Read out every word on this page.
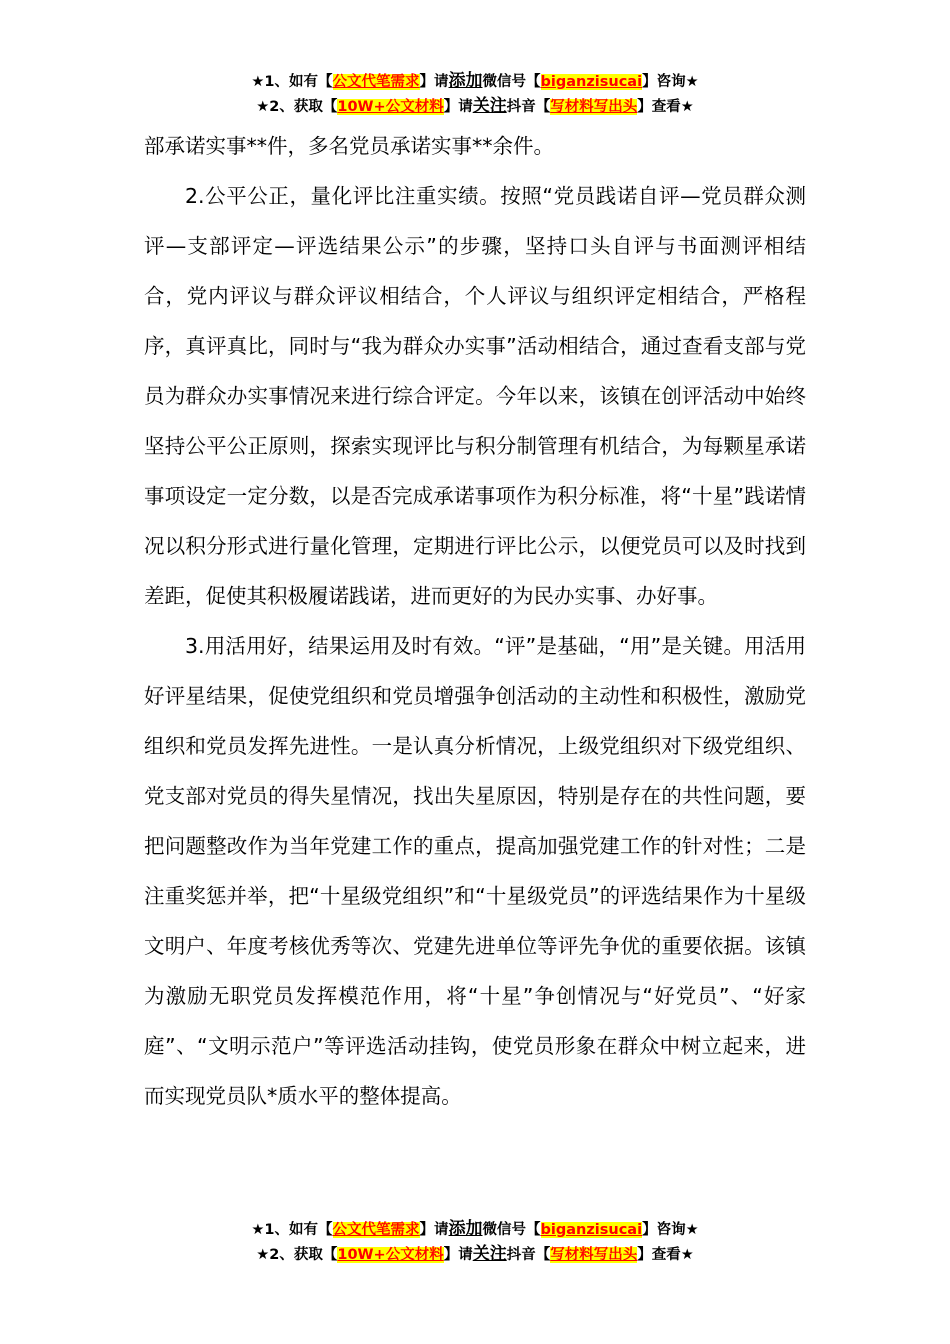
★1、如有【公文代笔需求】请添加微信号【biganzisucai】咨询★
★2、获取【10W+公文材料】请关注抖音【写材料写出头】查看★

部承诺实事**件，多名党员承诺实事**余件。

2.公平公正，量化评比注重实绩。按照“党员践诺自评—党员群众测评—支部评定—评选结果公示”的步骤，坚持口头自评与书面测评相结合，党内评议与群众评议相结合，个人评议与组织评定相结合，严格程序，真评真比，同时与“我为群众办实事”活动相结合，通过查看支部与党员为群众办实事情况来进行综合评定。今年以来，该镇在创评活动中始终坚持公平公正原则，探索实现评比与积分制管理有机结合，为每颗星承诺事项设定一定分数，以是否完成承诺事项作为积分标准，将“十星”践诺情况以积分形式进行量化管理，定期进行评比公示，以便党员可以及时找到差距，促使其积极履诺践诺，进而更好的为民办实事、办好事。

3.用活用好，结果运用及时有效。“评”是基础，“用”是关键。用活用好评星结果，促使党组织和党员增强争创活动的主动性和积极性，激励党组织和党员发挥先进性。一是认真分析情况，上级党组织对下级党组织、党支部对党员的得失星情况，找出失星原因，特别是存在的共性问题，要把问题整改作为当年党建工作的重点，提高加强党建工作的针对性；二是注重奖惩并举，把“十星级党组织”和“十星级党员”的评选结果作为十星级文明户、年度考核优秀等次、党建先进单位等评先争优的重要依据。该镇为激励无职党员发挥模范作用，将“十星”争创情况与“好党员”、“好家庭”、“文明示范户”等评选活动挂钩，使党员形象在群众中树立起来，进而实现党员队*质水平的整体提高。

★1、如有【公文代笔需求】请添加微信号【biganzisucai】咨询★
★2、获取【10W+公文材料】请关注抖音【写材料写出头】查看★
